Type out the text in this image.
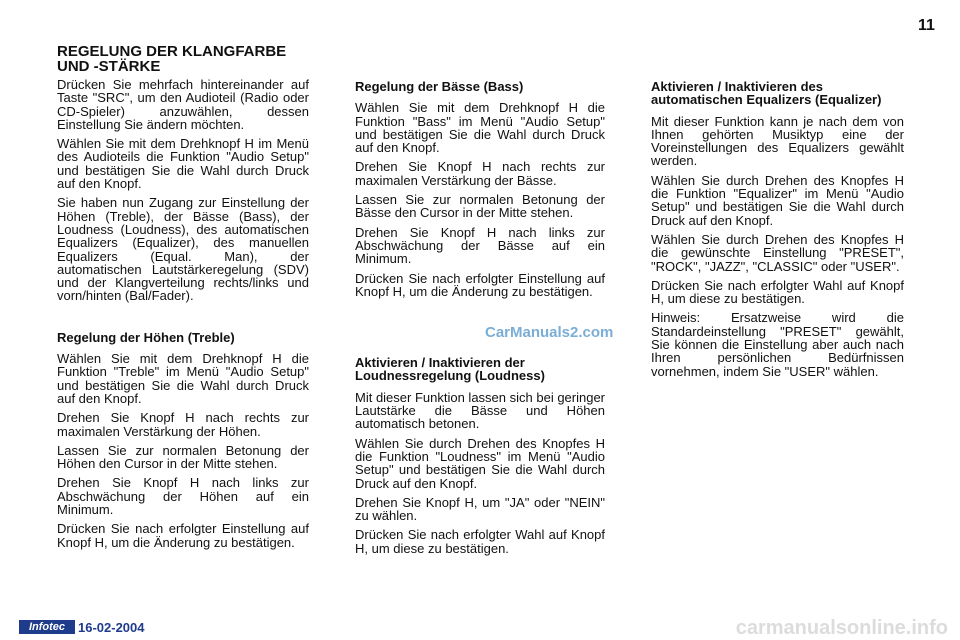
11
REGELUNG DER KLANGFARBE UND -STÄRKE

Drücken Sie mehrfach hintereinander auf Taste "SRC", um den Audioteil (Radio oder CD-Spieler) anzuwählen, dessen Einstellung Sie ändern möchten.

Wählen Sie mit dem Drehknopf H im Menü des Audioteils die Funktion "Audio Setup" und bestätigen Sie die Wahl durch Druck auf den Knopf.

Sie haben nun Zugang zur Einstellung der Höhen (Treble), der Bässe (Bass), der Loudness (Loudness), des automatischen Equalizers (Equalizer), des manuellen Equalizers (Equal. Man), der automatischen Lautstärkeregelung (SDV) und der Klangverteilung rechts/links und vorn/hinten (Bal/Fader).

Regelung der Höhen (Treble)

Wählen Sie mit dem Drehknopf H die Funktion "Treble" im Menü "Audio Setup" und bestätigen Sie die Wahl durch Druck auf den Knopf.

Drehen Sie Knopf H nach rechts zur maximalen Verstärkung der Höhen.

Lassen Sie zur normalen Betonung der Höhen den Cursor in der Mitte stehen.

Drehen Sie Knopf H nach links zur Abschwächung der Höhen auf ein Minimum.

Drücken Sie nach erfolgter Einstellung auf Knopf H, um die Änderung zu bestätigen.

Regelung der Bässe (Bass)

Wählen Sie mit dem Drehknopf H die Funktion "Bass" im Menü "Audio Setup" und bestätigen Sie die Wahl durch Druck auf den Knopf.

Drehen Sie Knopf H nach rechts zur maximalen Verstärkung der Bässe.

Lassen Sie zur normalen Betonung der Bässe den Cursor in der Mitte stehen.

Drehen Sie Knopf H nach links zur Abschwächung der Bässe auf ein Minimum.

Drücken Sie nach erfolgter Einstellung auf Knopf H, um die Änderung zu bestätigen.

Aktivieren / Inaktivieren der Loudnessregelung (Loudness)

Mit dieser Funktion lassen sich bei geringer Lautstärke die Bässe und Höhen automatisch betonen.

Wählen Sie durch Drehen des Knopfes H die Funktion "Loudness" im Menü "Audio Setup" und bestätigen Sie die Wahl durch Druck auf den Knopf.

Drehen Sie Knopf H, um "JA" oder "NEIN" zu wählen.

Drücken Sie nach erfolgter Wahl auf Knopf H, um diese zu bestätigen.

Aktivieren / Inaktivieren des automatischen Equalizers (Equalizer)

Mit dieser Funktion kann je nach dem von Ihnen gehörten Musiktyp eine der Voreinstellungen des Equalizers gewählt werden.

Wählen Sie durch Drehen des Knopfes H die Funktion "Equalizer" im Menü "Audio Setup" und bestätigen Sie die Wahl durch Druck auf den Knopf.

Wählen Sie durch Drehen des Knopfes H die gewünschte Einstellung "PRESET", "ROCK", "JAZZ", "CLASSIC" oder "USER".

Drücken Sie nach erfolgter Wahl auf Knopf H, um diese zu bestätigen.

Hinweis: Ersatzweise wird die Standardeinstellung "PRESET" gewählt, Sie können die Einstellung aber auch nach Ihren persönlichen Bedürfnissen vornehmen, indem Sie "USER" wählen.

CarManuals2.com
Infotec 16-02-2004	carmanualsonline.info
